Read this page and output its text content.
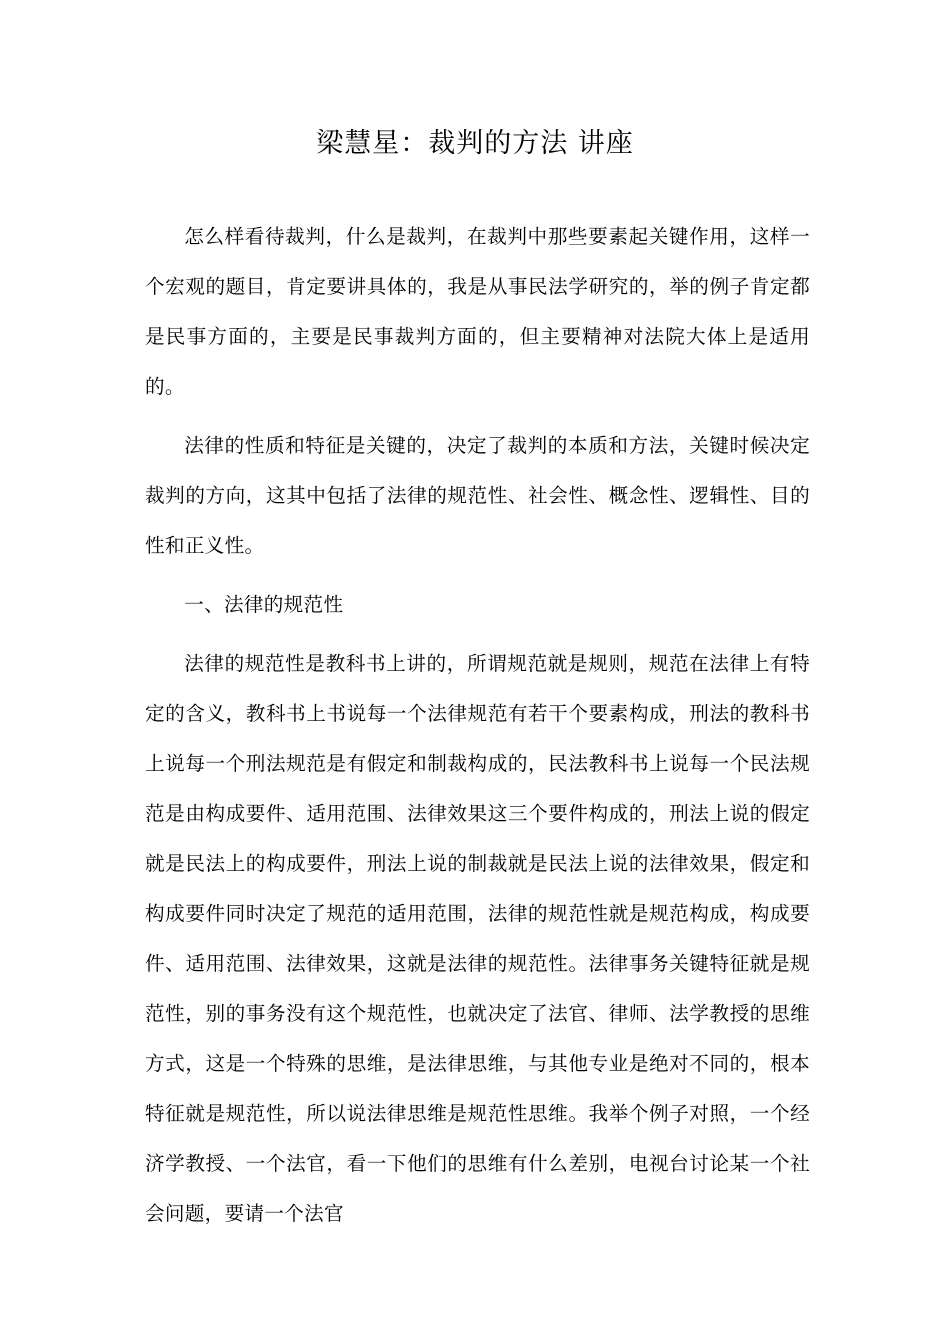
梁慧星：裁判的方法 讲座

怎么样看待裁判，什么是裁判，在裁判中那些要素起关键作用，这样一个宏观的题目，肯定要讲具体的，我是从事民法学研究的，举的例子肯定都是民事方面的，主要是民事裁判方面的，但主要精神对法院大体上是适用的。

法律的性质和特征是关键的，决定了裁判的本质和方法，关键时候决定裁判的方向，这其中包括了法律的规范性、社会性、概念性、逻辑性、目的性和正义性。

一、法律的规范性

法律的规范性是教科书上讲的，所谓规范就是规则，规范在法律上有特定的含义，教科书上书说每一个法律规范有若干个要素构成，刑法的教科书上说每一个刑法规范是有假定和制裁构成的，民法教科书上说每一个民法规范是由构成要件、适用范围、法律效果这三个要件构成的，刑法上说的假定就是民法上的构成要件，刑法上说的制裁就是民法上说的法律效果，假定和构成要件同时决定了规范的适用范围，法律的规范性就是规范构成，构成要件、适用范围、法律效果，这就是法律的规范性。法律事务关键特征就是规范性，别的事务没有这个规范性，也就决定了法官、律师、法学教授的思维方式，这是一个特殊的思维，是法律思维，与其他专业是绝对不同的，根本特征就是规范性，所以说法律思维是规范性思维。我举个例子对照，一个经济学教授、一个法官，看一下他们的思维有什么差别，电视台讨论某一个社会问题，要请一个法官
